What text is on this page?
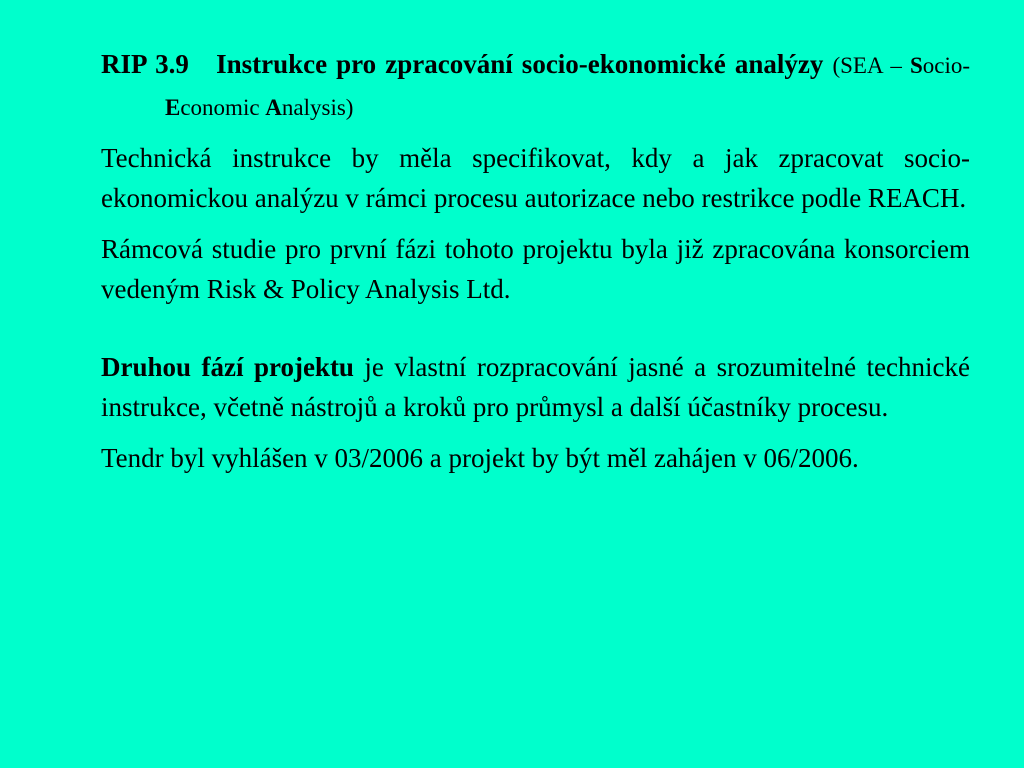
RIP 3.9 Instrukce pro zpracování socio-ekonomické analýzy (SEA – Socio-Economic Analysis)

Technická instrukce by měla specifikovat, kdy a jak zpracovat socio-ekonomickou analýzu v rámci procesu autorizace nebo restrikce podle REACH.

Rámcová studie pro první fázi tohoto projektu byla již zpracována konsorciem vedeným Risk & Policy Analysis Ltd.

Druhou fází projektu je vlastní rozpracování jasné a srozumitelné technické instrukce, včetně nástrojů a kroků pro průmysl a další účastníky procesu.

Tendr byl vyhlášen v 03/2006 a projekt by být měl zahájen v 06/2006.
